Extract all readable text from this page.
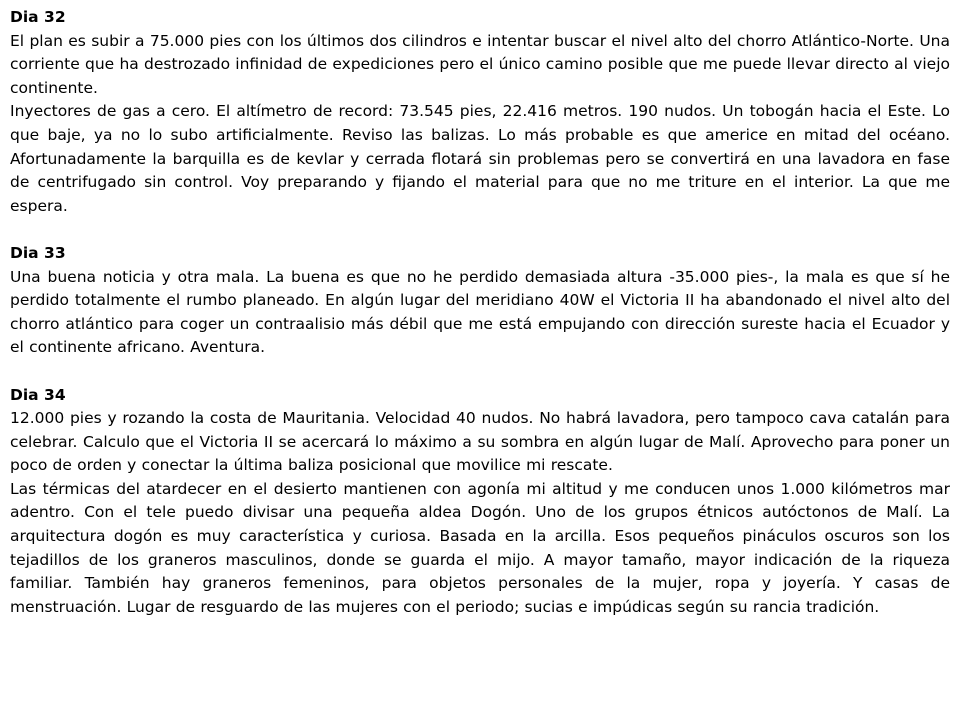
Dia 32

El plan es subir a 75.000 pies con los últimos dos cilindros e intentar buscar el nivel alto del chorro Atlántico-Norte. Una corriente que ha destrozado infinidad de expediciones pero el único camino posible que me puede llevar directo al viejo continente.

Inyectores de gas a cero. El altímetro de record: 73.545 pies, 22.416 metros. 190 nudos. Un tobogán hacia el Este. Lo que baje, ya no lo subo artificialmente. Reviso las balizas. Lo más probable es que americe en mitad del océano. Afortunadamente la barquilla es de kevlar y cerrada flotará sin problemas pero se convertirá en una lavadora en fase de centrifugado sin control. Voy preparando y fijando el material para que no me triture en el interior. La que me espera.

Dia 33

Una buena noticia y otra mala. La buena es que no he perdido demasiada altura -35.000 pies-, la mala es que sí he perdido totalmente el rumbo planeado. En algún lugar del meridiano 40W el Victoria II ha abandonado el nivel alto del chorro atlántico para coger un contraalisio más débil que me está empujando con dirección sureste hacia el Ecuador y el continente africano. Aventura.

Dia 34

12.000 pies y rozando la costa de Mauritania. Velocidad 40 nudos. No habrá lavadora, pero tampoco cava catalán para celebrar. Calculo que el Victoria II se acercará lo máximo a su sombra en algún lugar de Malí. Aprovecho para poner un poco de orden y conectar la última baliza posicional que movilice mi rescate.

Las térmicas del atardecer en el desierto mantienen con agonía mi altitud y me conducen unos 1.000 kilómetros mar adentro. Con el tele puedo divisar una pequeña aldea Dogón. Uno de los grupos étnicos autóctonos de Malí. La arquitectura dogón es muy característica y curiosa. Basada en la arcilla. Esos pequeños pináculos oscuros son los tejadillos de los graneros masculinos, donde se guarda el mijo. A mayor tamaño, mayor indicación de la riqueza familiar. También hay graneros femeninos, para objetos personales de la mujer, ropa y joyería. Y casas de menstruación. Lugar de resguardo de las mujeres con el periodo; sucias e impúdicas según su rancia tradición.
